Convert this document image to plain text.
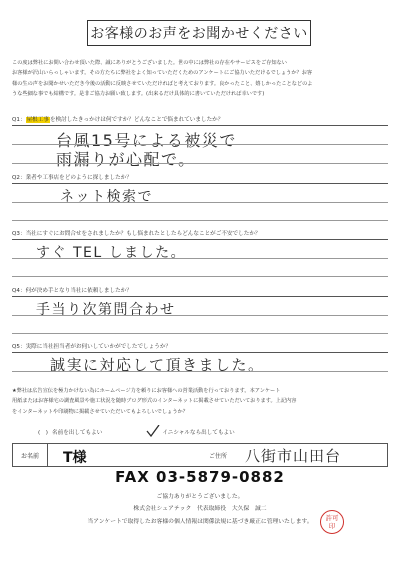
お客様のお声をお聞かせください

この度は弊社にお問い合わせ頂いた際、誠にありがとうございました。世の中には弊社の存在やサービスをご存知ない

お客様が沢山いらっしゃいます。その方たちに弊社をよく知っていただくためのアンケートにご協力いただけるでしょうか？お客

様の生の声をお聞かせいただき今後の活動に反映させていただければと考えております。良かったこと、嬉しかったことなどのよ

うな些細な事でも結構です。是非ご協力お願い致します。(出来るだけ具体的に書いていただければ幸いです)

Q1：屋根工事を検討したきっかけは何ですか？どんなことで悩まれていましたか？
台風15号による被災で
雨漏りが心配で。
Q2：業者や工事店をどのように探しましたか？
ネット検索で
Q3：当社にすぐにお問合せをされましたか？もし悩まれたとしたらどんなことがご不安でしたか？
すぐ TEL しました。
Q4：何が決め手となり当社に依頼しましたか？
手当り次第問合わせ
Q5：実際に当社担当者がお伺いしていかがでしたでしょうか？
誠実に対応して頂きました。

★弊社は広告宣伝を極力かけない為にホームページ力を頼りにお客様への営業活動を行っております。本アンケート

用紙またはお客様宅の調査風景や施工状況を随時ブログ形式のインターネットに掲載させていただいております。上記内容

をインターネットや印刷物に掲載させていただいてもよろしいでしょうか？

(　) 名前を出してもよい	イニシャルなら出してもよい
お名前	T様	ご住所 八街市山田台
FAX 03-5879-0882
ご協力ありがとうございました。
株式会社シェアテック　代表取締役　大久保　誠二
当アンケートで取得したお客様の個人情報は関係法規に基づき厳正に管理いたします。	許可
印
